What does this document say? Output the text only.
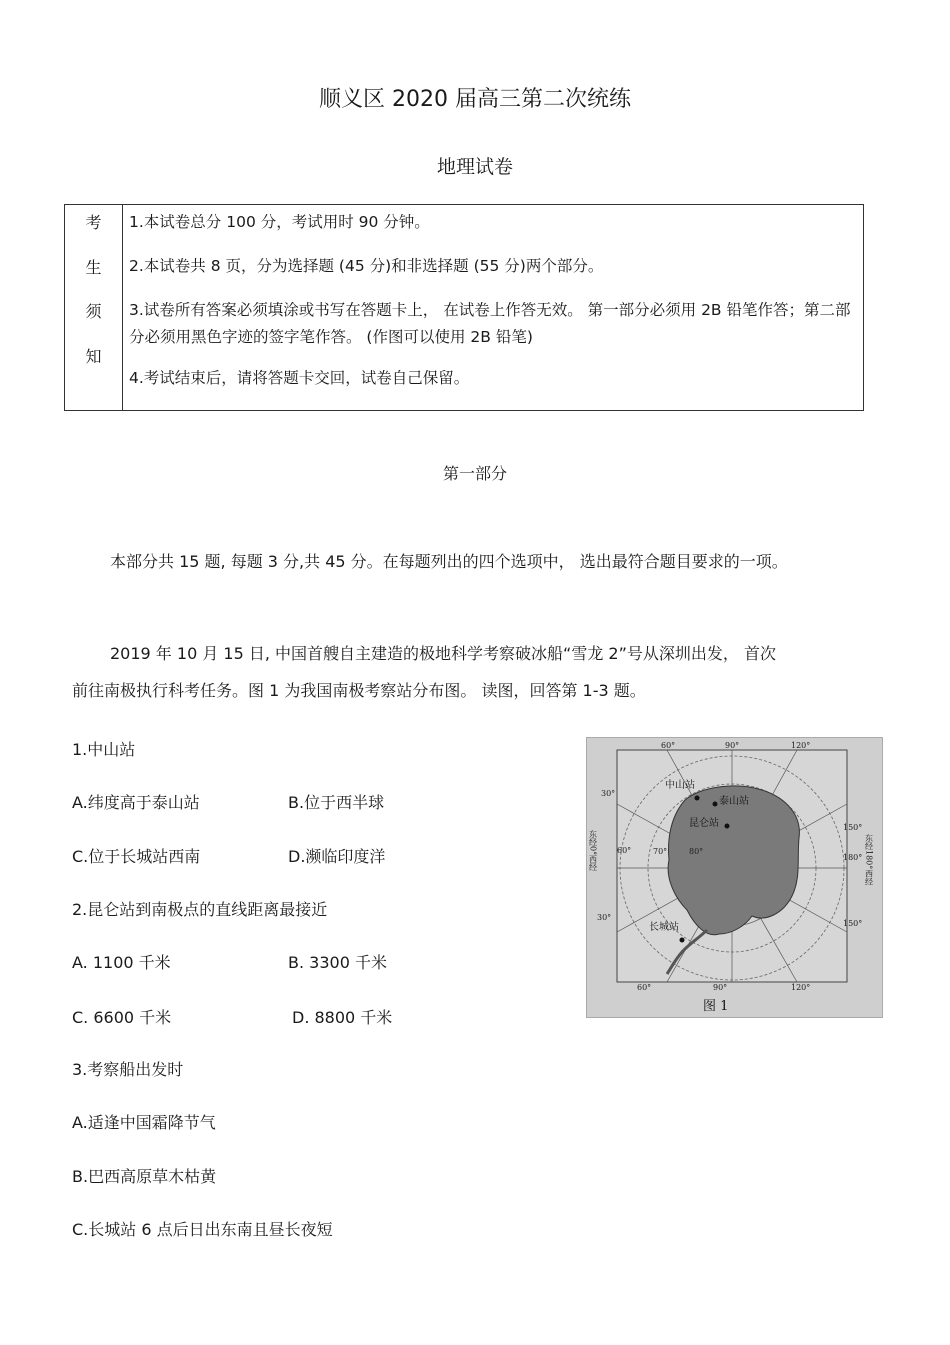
顺义区 2020 届高三第二次统练
地理试卷
考
生
须
知

1.本试卷总分 100 分，考试用时 90 分钟。

2.本试卷共 8 页，分为选择题 (45 分)和非选择题 (55 分)两个部分。

3.试卷所有答案必须填涂或书写在答题卡上， 在试卷上作答无效。 第一部分必须用 2B 铅笔作答；第二部分必须用黑色字迹的签字笔作答。 (作图可以使用 2B 铅笔)

4.考试结束后，请将答题卡交回，试卷自己保留。

第一部分
本部分共 15 题, 每题 3 分,共 45 分。在每题列出的四个选项中， 选出最符合题目要求的一项。
2019 年 10 月 15 日, 中国首艘自主建造的极地科学考察破冰船“雪龙 2”号从深圳出发， 首次
前往南极执行科考任务。图 1 为我国南极考察站分布图。 读图，回答第 1-3 题。
1.中山站
A.纬度高于泰山站	B.位于西半球
C.位于长城站西南	D.濒临印度洋
2.昆仑站到南极点的直线距离最接近
A. 1100 千米	B. 3300 千米
C. 6600 千米	D. 8800 千米
3.考察船出发时
A.适逢中国霜降节气
B.巴西高原草木枯黄
C.长城站 6 点后日出东南且昼长夜短
中山站
泰山站
昆仑站
长城站
60°	90°	120°
60°	90°	120°
30°
60°
30°
150°
180°
150°
70°	80°
东经0°西经	东经180°西经
图 1
